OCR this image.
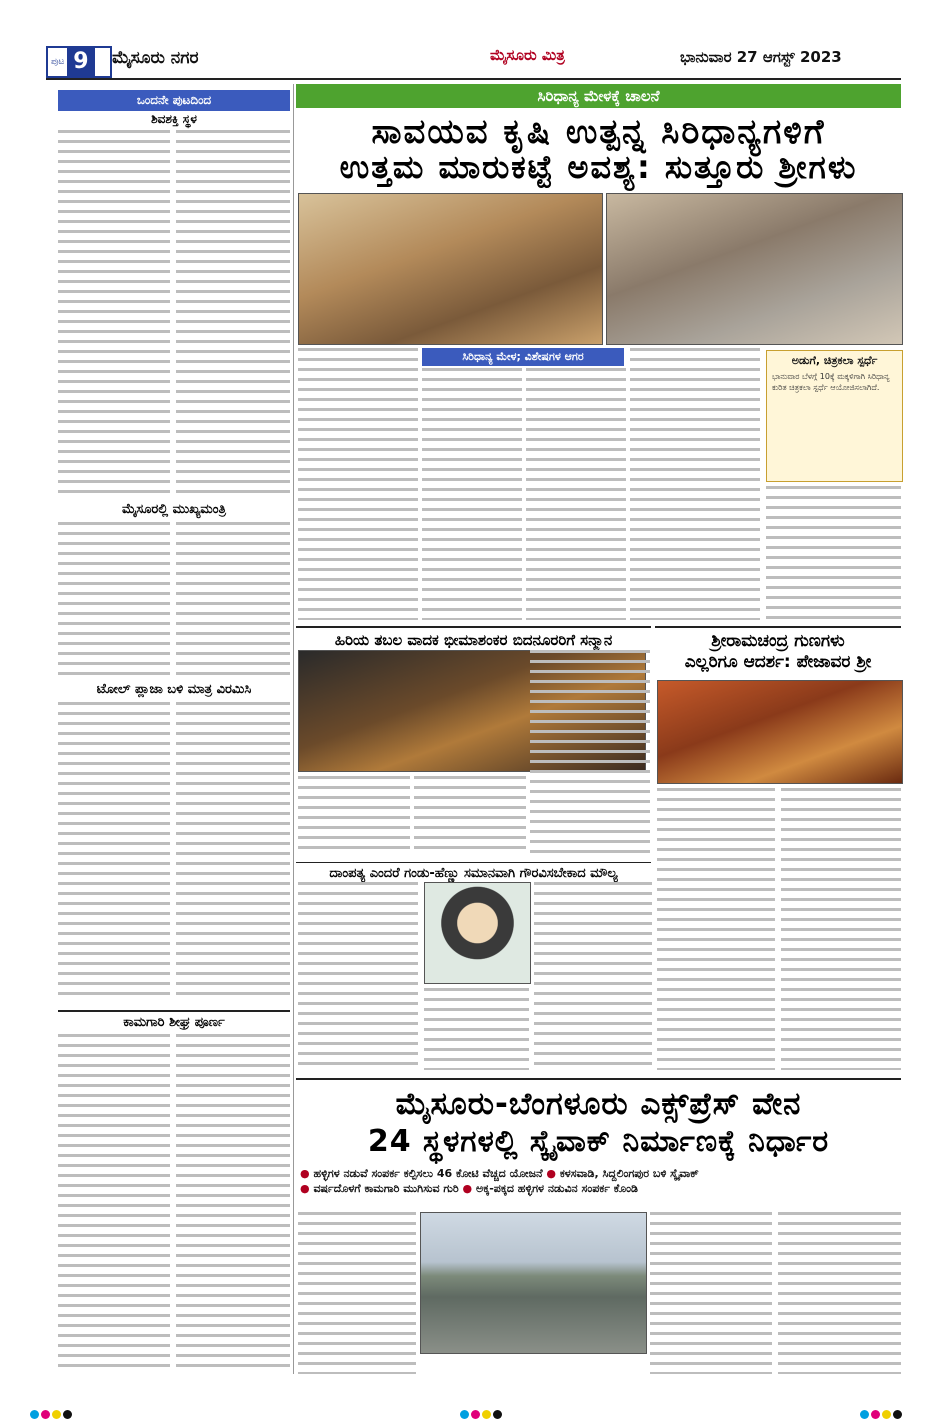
ಪುಟ 9	ಮೈಸೂರು ನಗರ	ಮೈಸೂರು ಮಿತ್ರ	ಭಾನುವಾರ 27 ಆಗಸ್ಟ್ 2023
ಒಂದನೇ ಪುಟದಿಂದ
ಶಿವಶಕ್ತಿ ಸ್ಥಳ
ಮೈಸೂರಲ್ಲಿ ಮುಖ್ಯಮಂತ್ರಿ
ಟೋಲ್ ಪ್ಲಾಜಾ ಬಳಿ ಮಾತ್ರ ವಿರಮಿಸಿ
ಕಾಮಗಾರಿ ಶೀಘ್ರ ಪೂರ್ಣ
ಸಿರಿಧಾನ್ಯ ಮೇಳಕ್ಕೆ ಚಾಲನೆ
ಸಾವಯವ ಕೃಷಿ ಉತ್ಪನ್ನ ಸಿರಿಧಾನ್ಯಗಳಿಗೆ
ಉತ್ತಮ ಮಾರುಕಟ್ಟೆ ಅವಶ್ಯ: ಸುತ್ತೂರು ಶ್ರೀಗಳು
ಸಿರಿಧಾನ್ಯ ಮೇಳ; ವಿಶೇಷಗಳ ಆಗರ	ಅಡುಗೆ, ಚಿತ್ರಕಲಾ ಸ್ಪರ್ಧೆ
ಭಾನುವಾರ ಬೆಳಗ್ಗೆ 10ಕ್ಕೆ ಮಕ್ಕಳಿಗಾಗಿ ಸಿರಿಧಾನ್ಯ ಕುರಿತ ಚಿತ್ರಕಲಾ ಸ್ಪರ್ಧೆ ಆಯೋಜಿಸಲಾಗಿದೆ.
ಹಿರಿಯ ತಬಲ ವಾದಕ ಭೀಮಾಶಂಕರ ಬಿದನೂರರಿಗೆ ಸನ್ಮಾನ	ಶ್ರೀರಾಮಚಂದ್ರ ಗುಣಗಳು
ಎಲ್ಲರಿಗೂ ಆದರ್ಶ: ಪೇಜಾವರ ಶ್ರೀ
ದಾಂಪತ್ಯ ಎಂದರೆ ಗಂಡು-ಹೆಣ್ಣು ಸಮಾನವಾಗಿ ಗೌರವಿಸಬೇಕಾದ ಮೌಲ್ಯ
ಮೈಸೂರು-ಬೆಂಗಳೂರು ಎಕ್ಸ್‌ಪ್ರೆಸ್ ವೇನ
24 ಸ್ಥಳಗಳಲ್ಲಿ ಸ್ಕೈವಾಕ್ ನಿರ್ಮಾಣಕ್ಕೆ ನಿರ್ಧಾರ
● ಹಳ್ಳಿಗಳ ನಡುವೆ ಸಂಪರ್ಕ ಕಲ್ಪಿಸಲು 46 ಕೋಟಿ ವೆಚ್ಚದ ಯೋಜನೆ ● ಕಳಸವಾಡಿ, ಸಿದ್ದಲಿಂಗಪುರ ಬಳಿ ಸ್ಕೈವಾಕ್
● ವರ್ಷದೊಳಗೆ ಕಾಮಗಾರಿ ಮುಗಿಸುವ ಗುರಿ ● ಅಕ್ಕ-ಪಕ್ಕದ ಹಳ್ಳಿಗಳ ನಡುವಿನ ಸಂಪರ್ಕ ಕೊಂಡಿ
